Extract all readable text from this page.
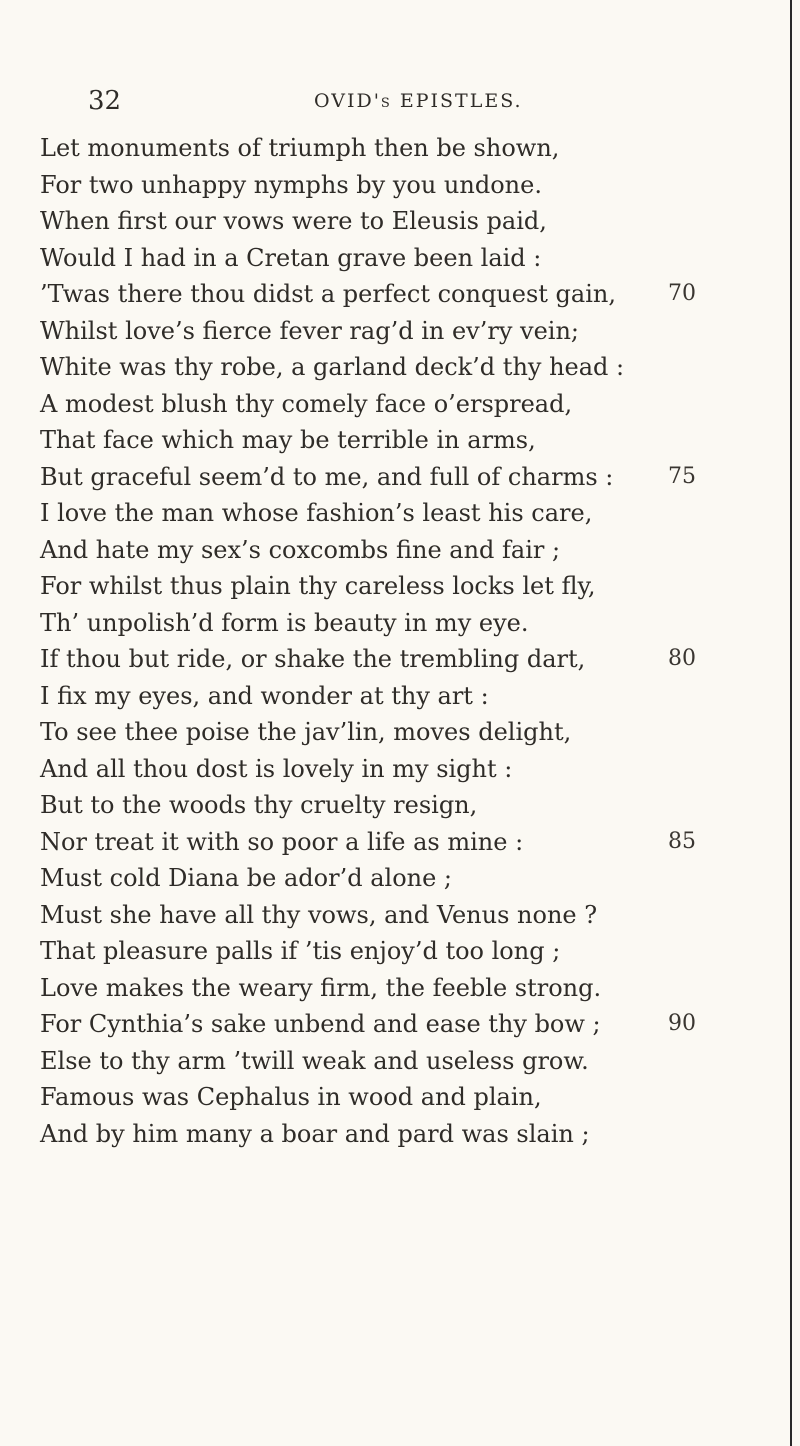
32	OVID's EPISTLES.
Let monuments of triumph then be shown,
For two unhappy nymphs by you undone.
When first our vows were to Eleusis paid,
Would I had in a Cretan grave been laid :
’Twas there thou didst a perfect conquest gain, 70
Whilst love’s fierce fever rag’d in ev’ry vein;
White was thy robe, a garland deck’d thy head :
A modest blush thy comely face o’erspread,
That face which may be terrible in arms,
But graceful seem’d to me, and full of charms : 75
I love the man whose fashion’s least his care,
And hate my sex’s coxcombs fine and fair ;
For whilst thus plain thy careless locks let fly,
Th’ unpolish’d form is beauty in my eye.
If thou but ride, or shake the trembling dart,	80
I fix my eyes, and wonder at thy art :
To see thee poise the jav’lin, moves delight,
And all thou dost is lovely in my sight :
But to the woods thy cruelty resign,
Nor treat it with so poor a life as mine :	85
Must cold Diana be ador’d alone ;
Must she have all thy vows, and Venus none ?
That pleasure palls if ’tis enjoy’d too long ;
Love makes the weary firm, the feeble strong.
For Cynthia’s sake unbend and ease thy bow ;	90
Else to thy arm ’twill weak and useless grow.
Famous was Cephalus in wood and plain,
And by him many a boar and pard was slain ;
